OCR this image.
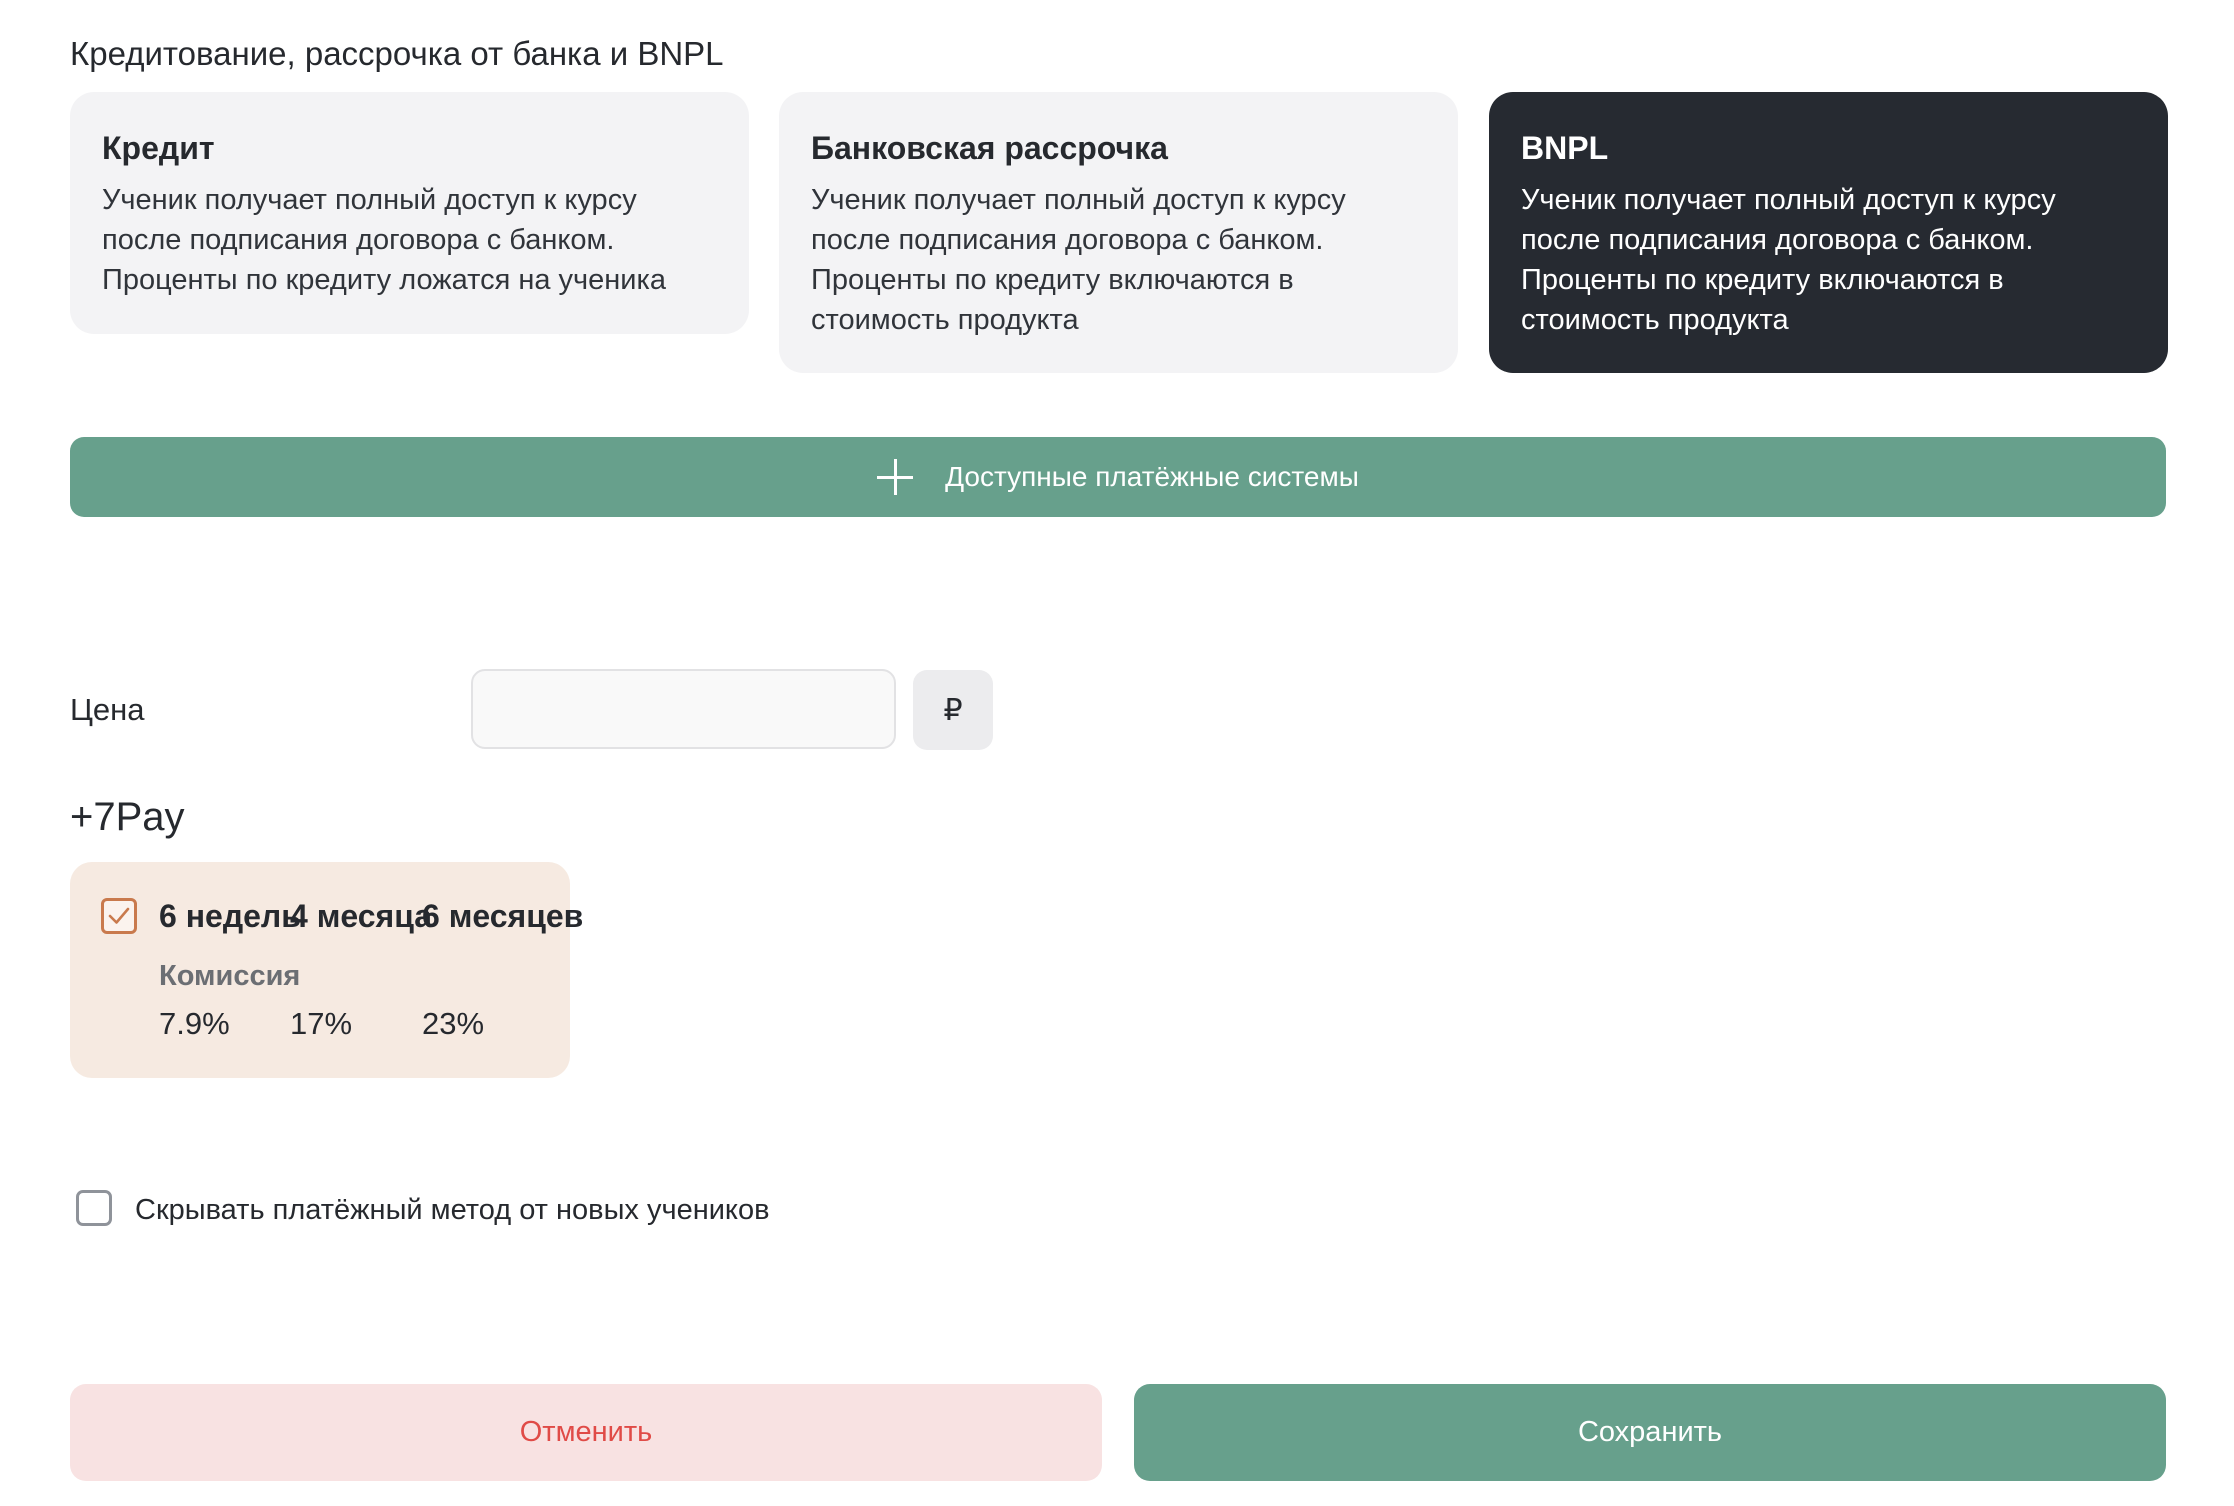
Кредитование, рассрочка от банка и BNPL
Кредит
Ученик получает полный доступ к курсу после подписания договора с банком. Проценты по кредиту ложатся на ученика
Банковская рассрочка
Ученик получает полный доступ к курсу после подписания договора с банком. Проценты по кредиту включаются в стоимость продукта
BNPL
Ученик получает полный доступ к курсу после подписания договора с банком. Проценты по кредиту включаются в стоимость продукта
Доступные платёжные системы
Цена	₽
+7Pay
6 недель
4 месяца
6 месяцев
Комиссия
7.9% 17% 23%
Скрывать платёжный метод от новых учеников
Отменить	Сохранить
